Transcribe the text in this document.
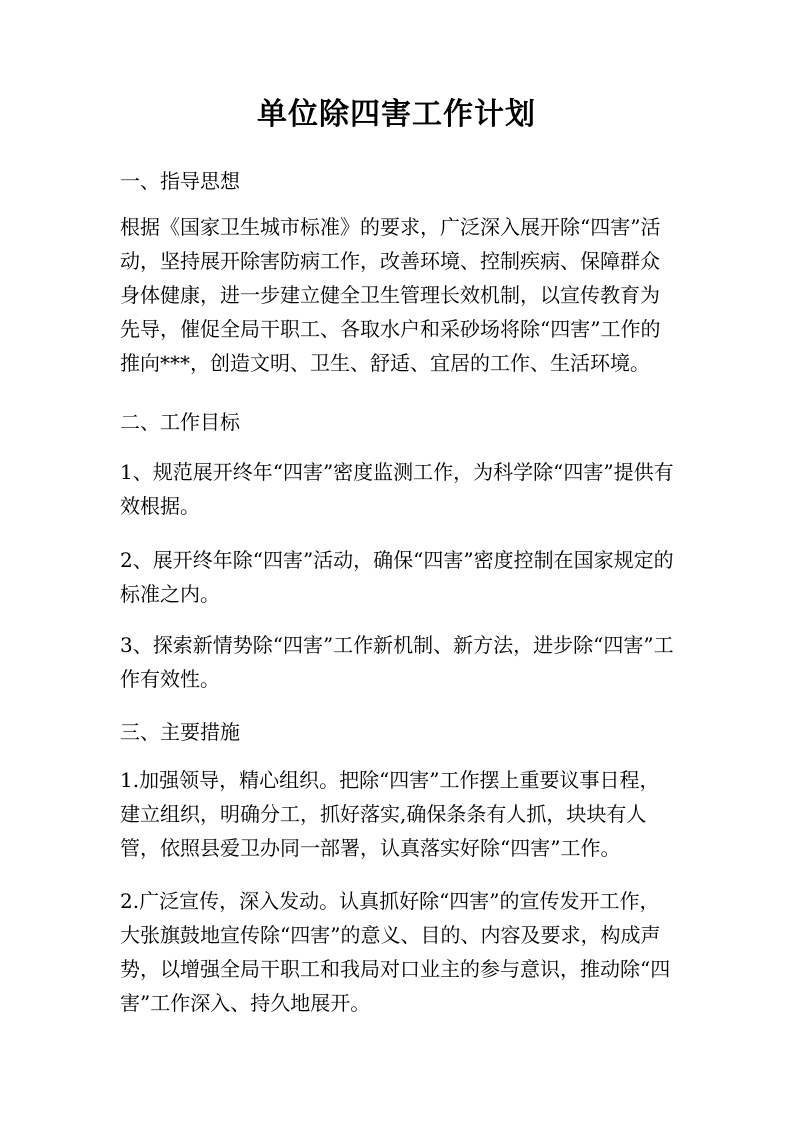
单位除四害工作计划

一、指导思想

根据《国家卫生城市标准》的要求，广泛深入展开除“四害”活动，坚持展开除害防病工作，改善环境、控制疾病、保障群众身体健康，进一步建立健全卫生管理长效机制，以宣传教育为先导，催促全局干职工、各取水户和采砂场将除“四害”工作的推向***，创造文明、卫生、舒适、宜居的工作、生活环境。

二、工作目标

1、规范展开终年“四害”密度监测工作，为科学除“四害”提供有效根据。

2、展开终年除“四害”活动，确保“四害”密度控制在国家规定的标准之内。

3、探索新情势除“四害”工作新机制、新方法，进步除“四害”工作有效性。

三、主要措施

1.加强领导，精心组织。把除“四害”工作摆上重要议事日程，建立组织，明确分工，抓好落实,确保条条有人抓，块块有人管，依照县爱卫办同一部署，认真落实好除“四害”工作。

2.广泛宣传，深入发动。认真抓好除“四害”的宣传发开工作，大张旗鼓地宣传除“四害”的意义、目的、内容及要求，构成声势，以增强全局干职工和我局对口业主的参与意识，推动除“四害”工作深入、持久地展开。
